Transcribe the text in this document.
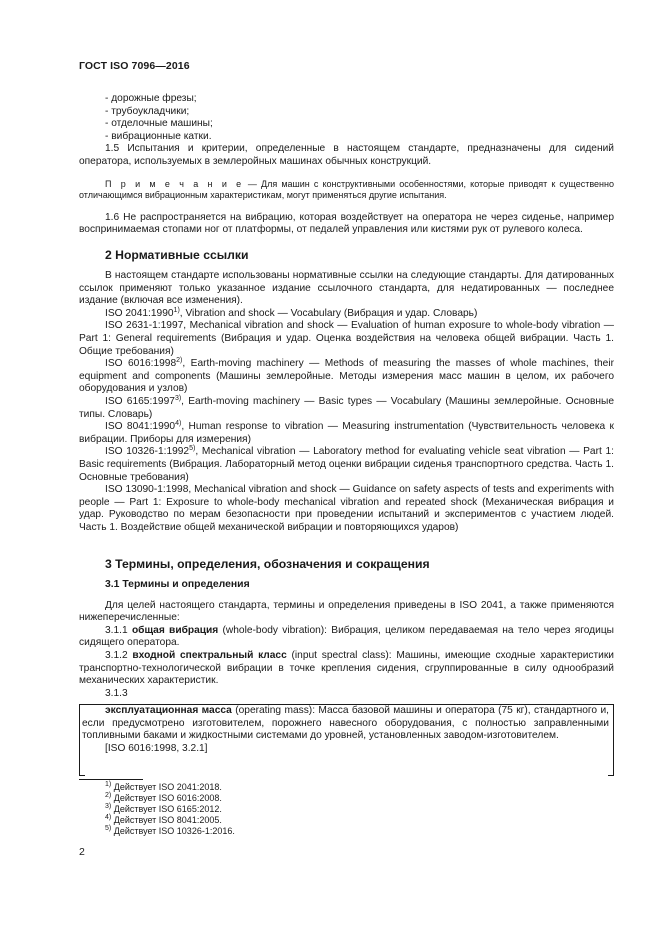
ГОСТ ISO 7096—2016

- дорожные фрезы;

- трубоукладчики;

- отделочные машины;

- вибрационные катки.

1.5 Испытания и критерии, определенные в настоящем стандарте, предназначены для сидений оператора, используемых в землеройных машинах обычных конструкций.

П р и м е ч а н и е — Для машин с конструктивными особенностями, которые приводят к существенно отличающимся вибрационным характеристикам, могут применяться другие испытания.

1.6 Не распространяется на вибрацию, которая воздействует на оператора не через сиденье, например воспринимаемая стопами ног от платформы, от педалей управления или кистями рук от рулевого колеса.

2 Нормативные ссылки

В настоящем стандарте использованы нормативные ссылки на следующие стандарты. Для датированных ссылок применяют только указанное издание ссылочного стандарта, для недатированных — последнее издание (включая все изменения).

ISO 2041:1990$^{1)}$, Vibration and shock — Vocabulary (Вибрация и удар. Словарь)

ISO 2631-1:1997, Mechanical vibration and shock — Evaluation of human exposure to whole-body vibration — Part 1: General requirements (Вибрация и удар. Оценка воздействия на человека общей вибрации. Часть 1. Общие требования)

ISO 6016:1998$^{2)}$, Earth-moving machinery — Methods of measuring the masses of whole machines, their equipment and components (Машины землеройные. Методы измерения масс машин в целом, их рабочего оборудования и узлов)

ISO 6165:1997$^{3)}$, Earth-moving machinery — Basic types — Vocabulary (Машины землеройные. Основные типы. Словарь)

ISO 8041:1990$^{4)}$, Human response to vibration — Measuring instrumentation (Чувствительность человека к вибрации. Приборы для измерения)

ISO 10326-1:1992$^{5)}$, Mechanical vibration — Laboratory method for evaluating vehicle seat vibration — Part 1: Basic requirements (Вибрация. Лабораторный метод оценки вибрации сиденья транспортного средства. Часть 1. Основные требования)

ISO 13090-1:1998, Mechanical vibration and shock — Guidance on safety aspects of tests and experiments with people — Part 1: Exposure to whole-body mechanical vibration and repeated shock (Механическая вибрация и удар. Руководство по мерам безопасности при проведении испытаний и экспериментов с участием людей. Часть 1. Воздействие общей механической вибрации и повторяющихся ударов)

3 Термины, определения, обозначения и сокращения
3.1 Термины и определения

Для целей настоящего стандарта, термины и определения приведены в ISO 2041, а также применяются нижеперечисленные:

3.1.1 общая вибрация (whole-body vibration): Вибрация, целиком передаваемая на тело через ягодицы сидящего оператора.

3.1.2 входной спектральный класс (input spectral class): Машины, имеющие сходные характеристики транспортно-технологической вибрации в точке крепления сидения, сгруппированные в силу однообразий механических характеристик.

3.1.3

эксплуатационная масса (operating mass): Масса базовой машины и оператора (75 кг), стандартного и, если предусмотрено изготовителем, порожнего навесного оборудования, с полностью заправленными топливными баками и жидкостными системами до уровней, установленных заводом-изготовителем.

[ISO 6016:1998, 3.2.1]

$^{1)}$ Действует ISO 2041:2018.
$^{2)}$ Действует ISO 6016:2008.
$^{3)}$ Действует ISO 6165:2012.
$^{4)}$ Действует ISO 8041:2005.
$^{5)}$ Действует ISO 10326-1:2016.
2
